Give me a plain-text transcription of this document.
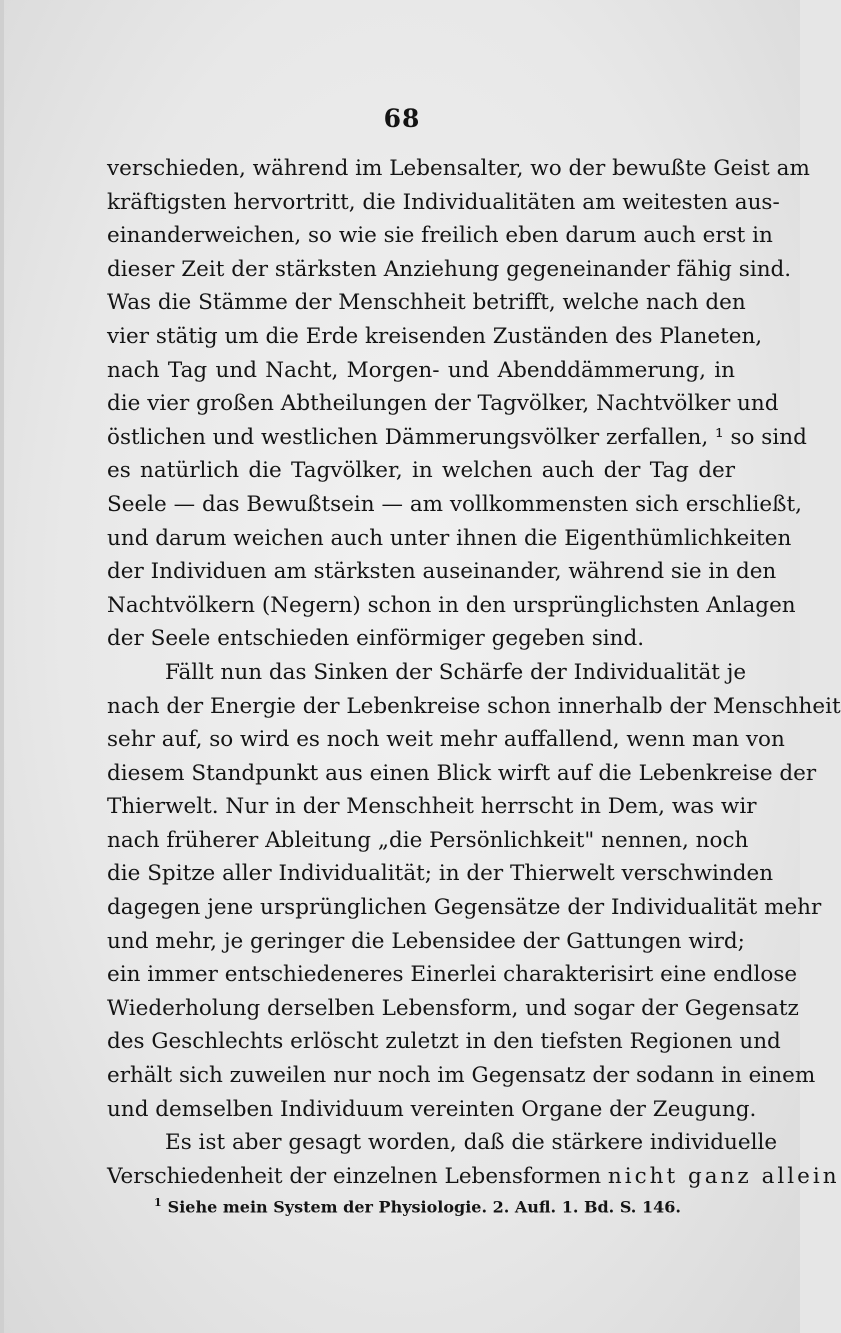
68
verschieden, während im Lebensalter, wo der bewußte Geist am
kräftigsten hervortritt, die Individualitäten am weitesten aus-
einanderweichen, so wie sie freilich eben darum auch erst in
dieser Zeit der stärksten Anziehung gegeneinander fähig sind.
Was die Stämme der Menschheit betrifft, welche nach den
vier stätig um die Erde kreisenden Zuständen des Planeten,
nach Tag und Nacht, Morgen- und Abenddämmerung, in
die vier großen Abtheilungen der Tagvölker, Nachtvölker und
östlichen und westlichen Dämmerungsvölker zerfallen, ¹ so sind
es natürlich die Tagvölker, in welchen auch der Tag der
Seele — das Bewußtsein — am vollkommensten sich erschließt,
und darum weichen auch unter ihnen die Eigenthümlichkeiten
der Individuen am stärksten auseinander, während sie in den
Nachtvölkern (Negern) schon in den ursprünglichsten Anlagen
der Seele entschieden einförmiger gegeben sind.
Fällt nun das Sinken der Schärfe der Individualität je
nach der Energie der Lebenkreise schon innerhalb der Menschheit
sehr auf, so wird es noch weit mehr auffallend, wenn man von
diesem Standpunkt aus einen Blick wirft auf die Lebenkreise der
Thierwelt. Nur in der Menschheit herrscht in Dem, was wir
nach früherer Ableitung „die Persönlichkeit" nennen, noch
die Spitze aller Individualität; in der Thierwelt verschwinden
dagegen jene ursprünglichen Gegensätze der Individualität mehr
und mehr, je geringer die Lebensidee der Gattungen wird;
ein immer entschiedeneres Einerlei charakterisirt eine endlose
Wiederholung derselben Lebensform, und sogar der Gegensatz
des Geschlechts erlöscht zuletzt in den tiefsten Regionen und
erhält sich zuweilen nur noch im Gegensatz der sodann in einem
und demselben Individuum vereinten Organe der Zeugung.
Es ist aber gesagt worden, daß die stärkere individuelle
Verschiedenheit der einzelnen Lebensformen nicht ganz allein
$^1$ Siehe mein System der Physiologie. 2. Aufl. 1. Bd. S. 146.
